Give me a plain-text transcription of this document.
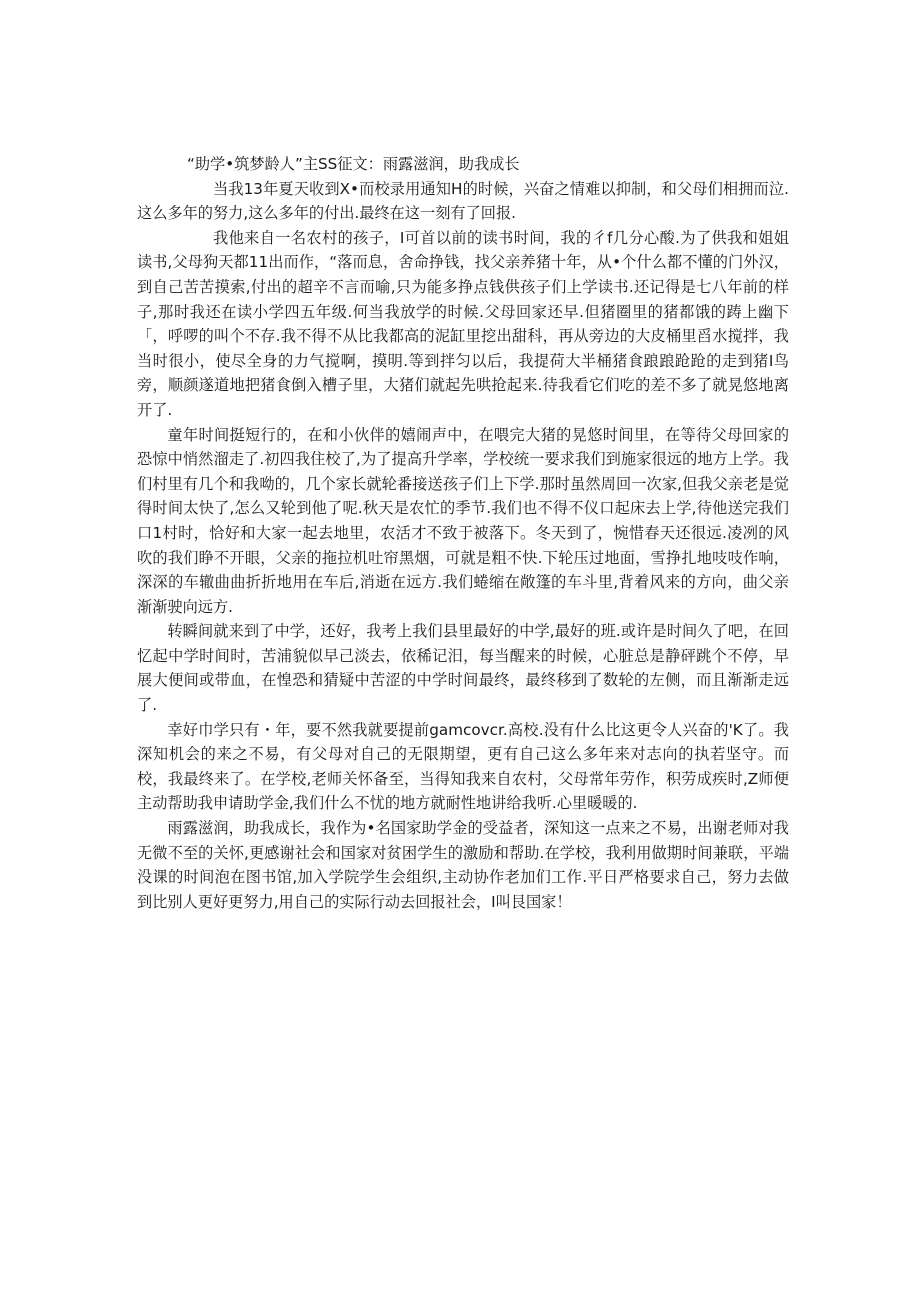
“助学•筑梦龄人”主SS征文：雨露滋润，助我成长

当我13年夏天收到X•而校录用通知H的时候，兴奋之情难以抑制，和父母们相拥而泣.这么多年的努力,这么多年的付出.最终在这一刻有了回报.

我他来自一名农村的孩子，I可首以前的读书时间，我的彳f几分心酸.为了供我和姐姐读书,父母狗天都11出而作，“落而息，舍命挣钱，找父亲养猪十年，从•个什么都不懂的门外汉，到自己苦苦摸索,付出的超辛不言而喻,只为能多挣点钱供孩子们上学读书.还记得是七八年前的样子,那时我还在读小学四五年级.何当我放学的时候.父母回家还早.但猪圈里的猪都饿的踌上幽下「，呼啰的叫个不存.我不得不从比我都高的泥缸里挖出甜科，再从旁边的大皮桶里舀水搅拌，我当时很小，使尽全身的力气搅啊，摸明.等到拌匀以后，我提荷大半桶猪食踉踉跄跄的走到猪I鸟旁，顺颜遂道地把猪食倒入槽子里，大猪们就起先哄抢起来.待我看它们吃的差不多了就晃悠地离开了.

童年时间挺短行的，在和小伙伴的嬉闹声中，在喂完大猪的晃悠时间里，在等待父母回家的恐惊中悄然溜走了.初四我住校了,为了提高升学率，学校统一要求我们到施家很远的地方上学。我们村里有几个和我呦的，几个家长就轮番接送孩子们上下学.那时虽然周回一次家,但我父亲老是觉得时间太快了,怎么又轮到他了呢.秋天是农忙的季节.我们也不得不仪口起床去上学,待他送完我们口1村时，恰好和大家一起去地里，农活才不致于被落下。冬天到了，惋惜春天还很远.凌冽的风吹的我们睁不开眼，父亲的拖拉机吐帘黑烟，可就是粗不快.下轮压过地面，雪挣扎地吱吱作响，深深的车辙曲曲折折地用在车后,消逝在远方.我们蜷缩在敞篷的车斗里,背着风来的方向，曲父亲渐渐驶向远方.

转瞬间就来到了中学，还好，我考上我们县里最好的中学,最好的班.或许是时间久了吧，在回忆起中学时间时，苦浦貌似早己淡去，依稀记汨，每当醒来的时候，心脏总是静砰跳个不停，早展大便间或带血，在惶恐和猜疑中苦涩的中学时间最终，最终移到了数轮的左侧，而且渐渐走远了.

幸好巾学只有・年，要不然我就要提前gamcovcr.高校.没有什么比这更令人兴奋的'K了。我深知机会的来之不易，有父母对自己的无限期望，更有自己这么多年来对志向的执若坚守。而校，我最终来了。在学校,老师关怀备至，当得知我来自农村，父母常年劳作，积劳成疾时,Z师便主动帮助我申请助学金,我们什么不忧的地方就耐性地讲给我听.心里暖暖的.

雨露滋润，助我成长，我作为•名国家助学金的受益者，深知这一点来之不易，出谢老师对我无微不至的关怀,更感谢社会和国家对贫困学生的激励和帮助.在学校，我利用做期时间兼联，平端没课的时间泡在图书馆,加入学院学生会组织,主动协作老加们工作.平日严格要求自己，努力去做到比别人更好更努力,用自己的实际行动去回报社会，I叫艮国家！
